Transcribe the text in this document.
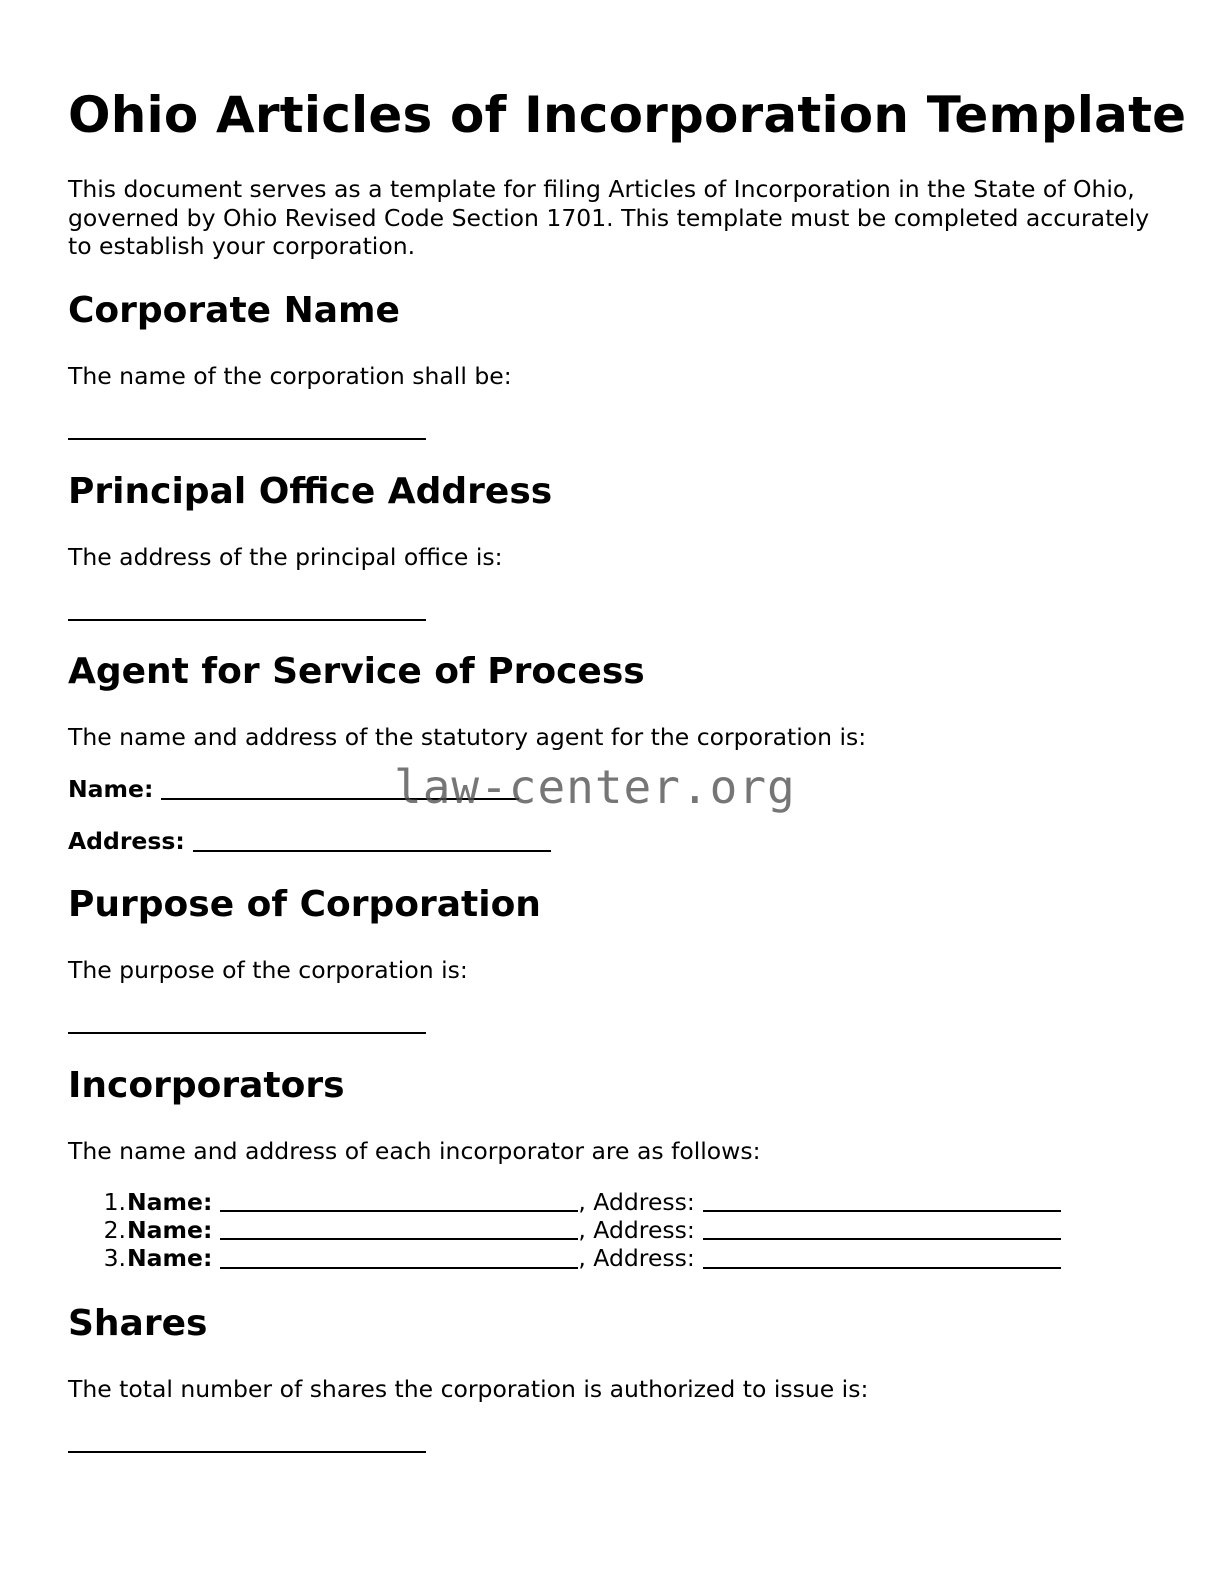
Ohio Articles of Incorporation Template

This document serves as a template for filing Articles of Incorporation in the State of Ohio, governed by Ohio Revised Code Section 1701. This template must be completed accurately to establish your corporation.

Corporate Name

The name of the corporation shall be:

Principal Office Address

The address of the principal office is:

Agent for Service of Process

The name and address of the statutory agent for the corporation is:

Name:
Address:
Purpose of Corporation

The purpose of the corporation is:

Incorporators

The name and address of each incorporator are as follows:

1. Name:	, Address:
2. Name:	, Address:
3. Name:	, Address:
Shares

The total number of shares the corporation is authorized to issue is:

law-center.org
